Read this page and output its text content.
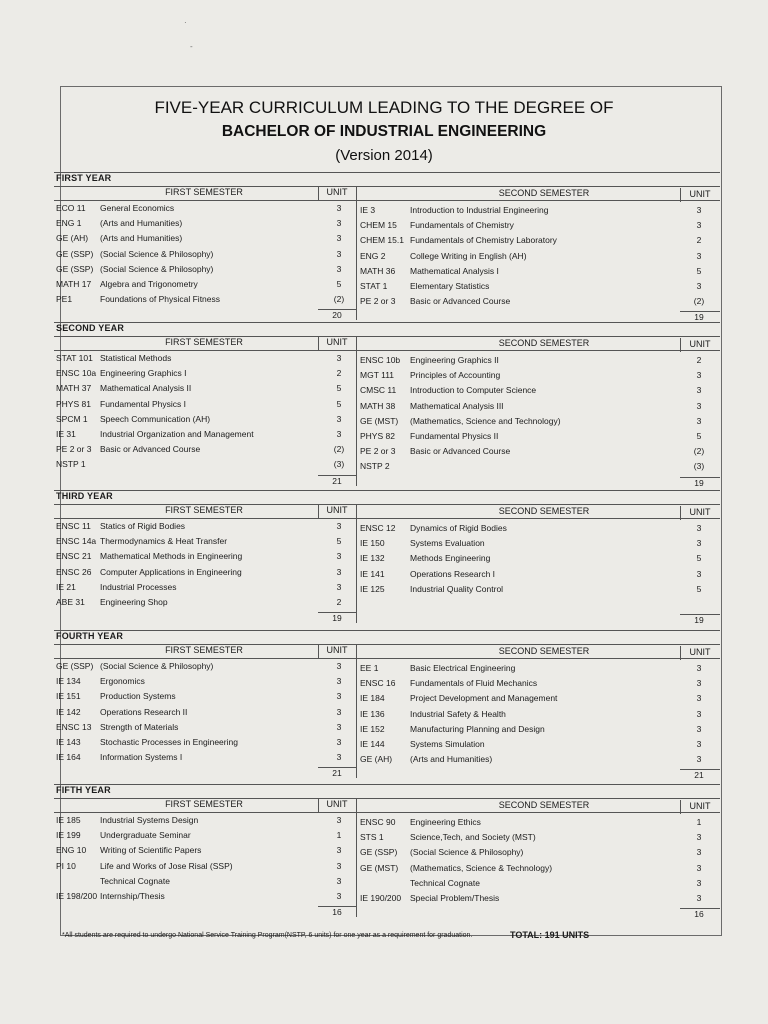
·
-
FIVE-YEAR CURRICULUM LEADING TO THE DEGREE OF
BACHELOR OF INDUSTRIAL ENGINEERING
(Version 2014)
FIRST YEAR
FIRST SEMESTER	UNIT	SECOND SEMESTER	UNIT
ECO 11 General Economics	3
ENG 1 (Arts and Humanities)	3
GE (AH) (Arts and Humanities)	3
GE (SSP) (Social Science & Philosophy)	3
GE (SSP) (Social Science & Philosophy)	3
MATH 17 Algebra and Trigonometry	5
PE1	Foundations of Physical Fitness	(2)
IE 3	Introduction to Industrial Engineering	3
CHEM 15 Fundamentals of Chemistry	3
CHEM 15.1 Fundamentals of Chemistry Laboratory	2
ENG 2	College Writing in English (AH)	3
MATH 36 Mathematical Analysis I	5
STAT 1	Elementary Statistics	3
PE 2 or 3 Basic or Advanced Course	(2)
20	19
SECOND YEAR
FIRST SEMESTER	UNIT	SECOND SEMESTER	UNIT
STAT 101 Statistical Methods	3
ENSC 10a Engineering Graphics I	2
MATH 37 Mathematical Analysis II	5
PHYS 81 Fundamental Physics I	5
SPCM 1 Speech Communication (AH)	3
IE 31	Industrial Organization and Management	3
PE 2 or 3 Basic or Advanced Course	(2)
NSTP 1	(3)
ENSC 10b Engineering Graphics II	2
MGT 111 Principles of Accounting	3
CMSC 11 Introduction to Computer Science	3
MATH 38 Mathematical Analysis III	3
GE (MST) (Mathematics, Science and Technology)	3
PHYS 82 Fundamental Physics II	5
PE 2 or 3 Basic or Advanced Course	(2)
NSTP 2	(3)
21	19
THIRD YEAR
FIRST SEMESTER	UNIT	SECOND SEMESTER	UNIT
ENSC 11 Statics of Rigid Bodies	3
ENSC 14a Thermodynamics & Heat Transfer	5
ENSC 21 Mathematical Methods in Engineering	3
ENSC 26 Computer Applications in Engineering	3
IE 21	Industrial Processes	3
ABE 31 Engineering Shop	2
ENSC 12 Dynamics of Rigid Bodies	3
IE 150	Systems Evaluation	3
IE 132	Methods Engineering	5
IE 141	Operations Research I	3
IE 125	Industrial Quality Control	5
19	19
FOURTH YEAR
FIRST SEMESTER	UNIT	SECOND SEMESTER	UNIT
GE (SSP) (Social Science & Philosophy)	3
IE 134 Ergonomics	3
IE 151 Production Systems	3
IE 142 Operations Research II	3
ENSC 13 Strength of Materials	3
IE 143 Stochastic Processes in Engineering	3
IE 164 Information Systems I	3
EE 1	Basic Electrical Engineering	3
ENSC 16 Fundamentals of Fluid Mechanics	3
IE 184	Project Development and Management	3
IE 136	Industrial Safety & Health	3
IE 152	Manufacturing Planning and Design	3
IE 144	Systems Simulation	3
GE (AH) (Arts and Humanities)	3
21	21
FIFTH YEAR
FIRST SEMESTER	UNIT	SECOND SEMESTER	UNIT
IE 185 Industrial Systems Design	3
IE 199 Undergraduate Seminar	1
ENG 10 Writing of Scientific Papers	3
PI 10	Life and Works of Jose Risal (SSP)	3
Technical Cognate	3
IE 198/200 Internship/Thesis	3
ENSC 90 Engineering Ethics	1
STS 1	Science,Tech, and Society (MST)	3
GE (SSP) (Social Science & Philosophy)	3
GE (MST) (Mathematics, Science & Technology)	3
Technical Cognate	3
IE 190/200 Special Problem/Thesis	3
16	16
*All students are required to undergo National Service Training Program(NSTP, 6 units) for one year as a requirement for graduation.	TOTAL: 191 UNITS
